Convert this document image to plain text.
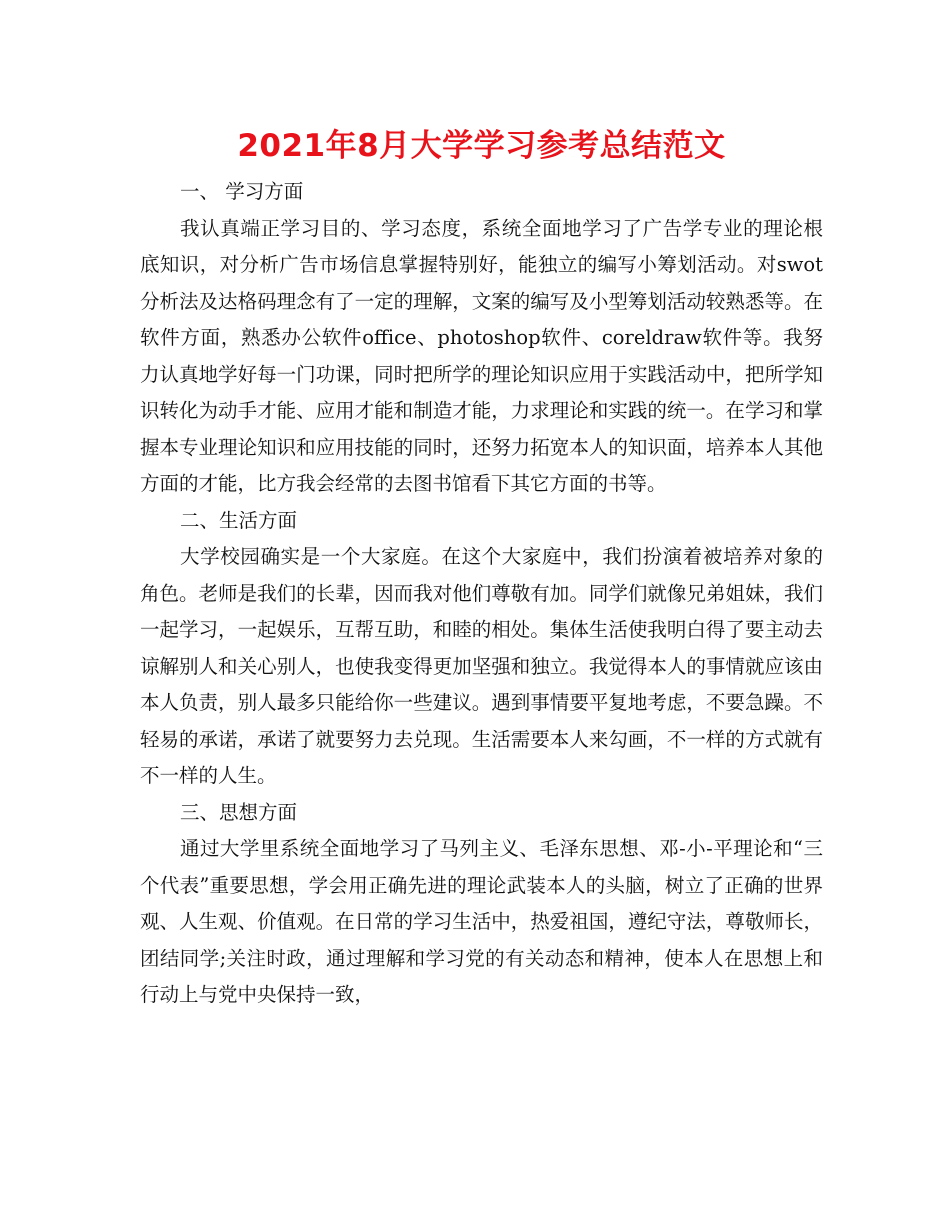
2021年8月大学学习参考总结范文

一、 学习方面

我认真端正学习目的、学习态度，系统全面地学习了广告学专业的理论根底知识，对分析广告市场信息掌握特别好，能独立的编写小筹划活动。对swot分析法及达格码理念有了一定的理解，文案的编写及小型筹划活动较熟悉等。在软件方面，熟悉办公软件office、photoshop软件、coreldraw软件等。我努力认真地学好每一门功课，同时把所学的理论知识应用于实践活动中，把所学知识转化为动手才能、应用才能和制造才能，力求理论和实践的统一。在学习和掌握本专业理论知识和应用技能的同时，还努力拓宽本人的知识面，培养本人其他方面的才能，比方我会经常的去图书馆看下其它方面的书等。

二、生活方面

大学校园确实是一个大家庭。在这个大家庭中，我们扮演着被培养对象的角色。老师是我们的长辈，因而我对他们尊敬有加。同学们就像兄弟姐妹，我们一起学习，一起娱乐，互帮互助，和睦的相处。集体生活使我明白得了要主动去谅解别人和关心别人，也使我变得更加坚强和独立。我觉得本人的事情就应该由本人负责，别人最多只能给你一些建议。遇到事情要平复地考虑，不要急躁。不轻易的承诺，承诺了就要努力去兑现。生活需要本人来勾画，不一样的方式就有不一样的人生。

三、思想方面

通过大学里系统全面地学习了马列主义、毛泽东思想、邓-小-平理论和“三个代表”重要思想，学会用正确先进的理论武装本人的头脑，树立了正确的世界观、人生观、价值观。在日常的学习生活中，热爱祖国，遵纪守法，尊敬师长，团结同学;关注时政，通过理解和学习党的有关动态和精神，使本人在思想上和行动上与党中央保持一致，
